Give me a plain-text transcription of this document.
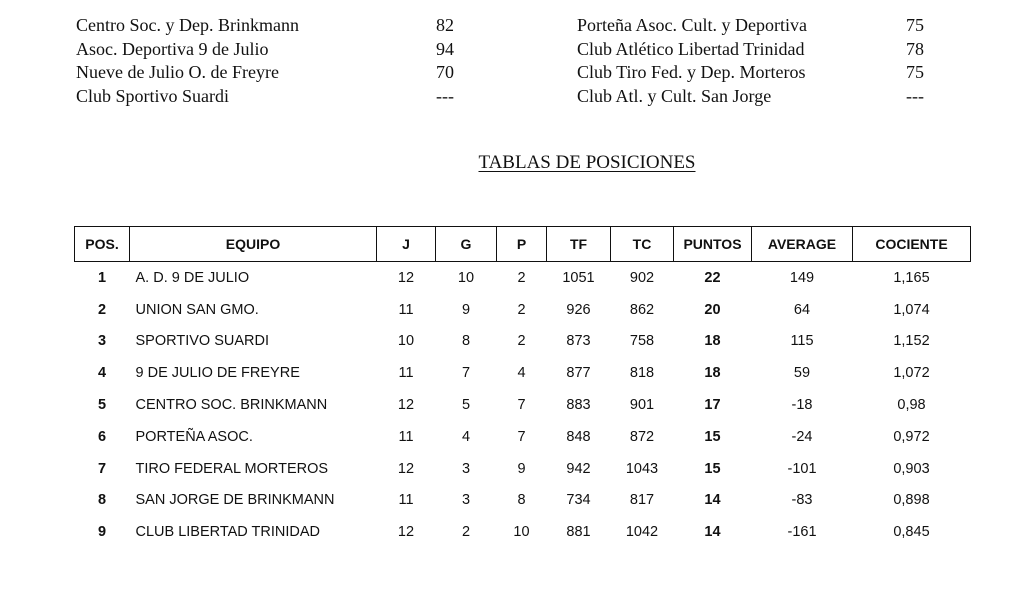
Centro Soc. y Dep. Brinkmann	82	Porteña Asoc. Cult. y Deportiva	75
Asoc. Deportiva 9 de Julio	94	Club Atlético Libertad Trinidad	78
Nueve de Julio O. de Freyre	70	Club Tiro Fed. y Dep. Morteros	75
Club Sportivo Suardi	---	Club Atl. y Cult. San Jorge	---
TABLAS DE POSICIONES
POS.	EQUIPO	J	G	P	TF	TC	PUNTOS	AVERAGE	COCIENTE
1	A. D. 9 DE JULIO	12	10	2	1051	902	22	149	1,165
2	UNION SAN GMO.	11	9	2	926	862	20	64	1,074
3	SPORTIVO SUARDI	10	8	2	873	758	18	115	1,152
4	9 DE JULIO DE FREYRE	11	7	4	877	818	18	59	1,072
5	CENTRO SOC. BRINKMANN	12	5	7	883	901	17	-18	0,98
6	PORTEÑA ASOC.	11	4	7	848	872	15	-24	0,972
7	TIRO FEDERAL MORTEROS	12	3	9	942	1043	15	-101	0,903
8	SAN JORGE DE BRINKMANN	11	3	8	734	817	14	-83	0,898
9	CLUB LIBERTAD TRINIDAD	12	2	10	881	1042	14	-161	0,845
